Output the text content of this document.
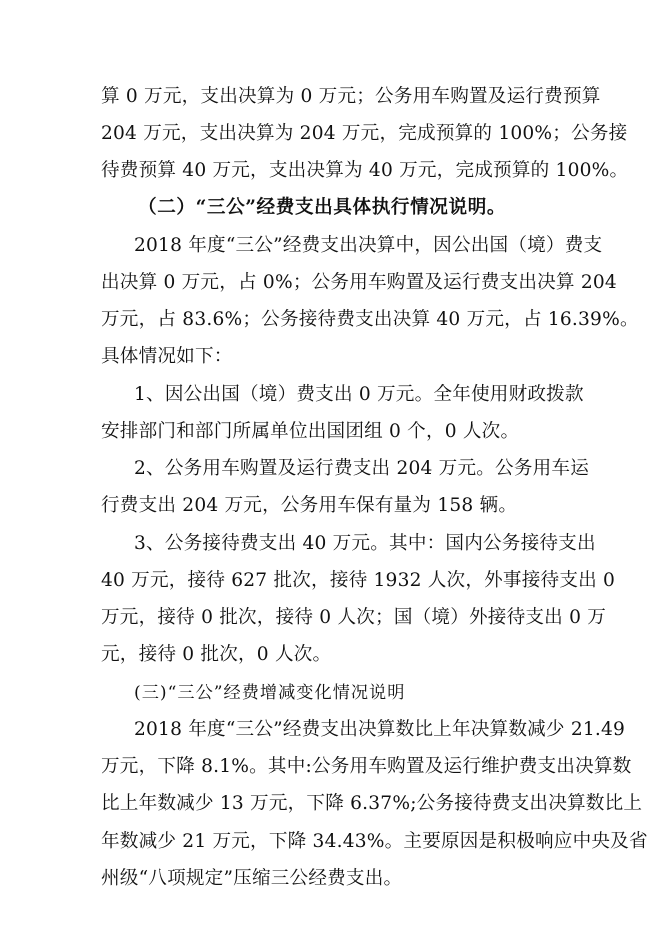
算 0 万元，支出决算为 0 万元；公务用车购置及运行费预算
204 万元，支出决算为 204 万元，完成预算的 100%；公务接
待费预算 40 万元，支出决算为 40 万元，完成预算的 100%。
（二）“三公”经费支出具体执行情况说明。
2018 年度“三公”经费支出决算中，因公出国（境）费支
出决算 0 万元，占 0%；公务用车购置及运行费支出决算 204
万元，占 83.6%；公务接待费支出决算 40 万元，占 16.39%。
具体情况如下：
1、因公出国（境）费支出 0 万元。全年使用财政拨款
安排部门和部门所属单位出国团组 0 个，0 人次。
2、公务用车购置及运行费支出 204 万元。公务用车运
行费支出 204 万元，公务用车保有量为 158 辆。
3、公务接待费支出 40 万元。其中：国内公务接待支出
40 万元，接待 627 批次，接待 1932 人次，外事接待支出 0
万元，接待 0 批次，接待 0 人次；国（境）外接待支出 0 万
元，接待 0 批次，0 人次。
(三)“三公”经费增减变化情况说明
2018 年度“三公”经费支出决算数比上年决算数减少 21.49
万元，下降 8.1%。其中:公务用车购置及运行维护费支出决算数
比上年数减少 13 万元，下降 6.37%;公务接待费支出决算数比上
年数减少 21 万元，下降 34.43%。主要原因是积极响应中央及省
州级“八项规定”压缩三公经费支出。
